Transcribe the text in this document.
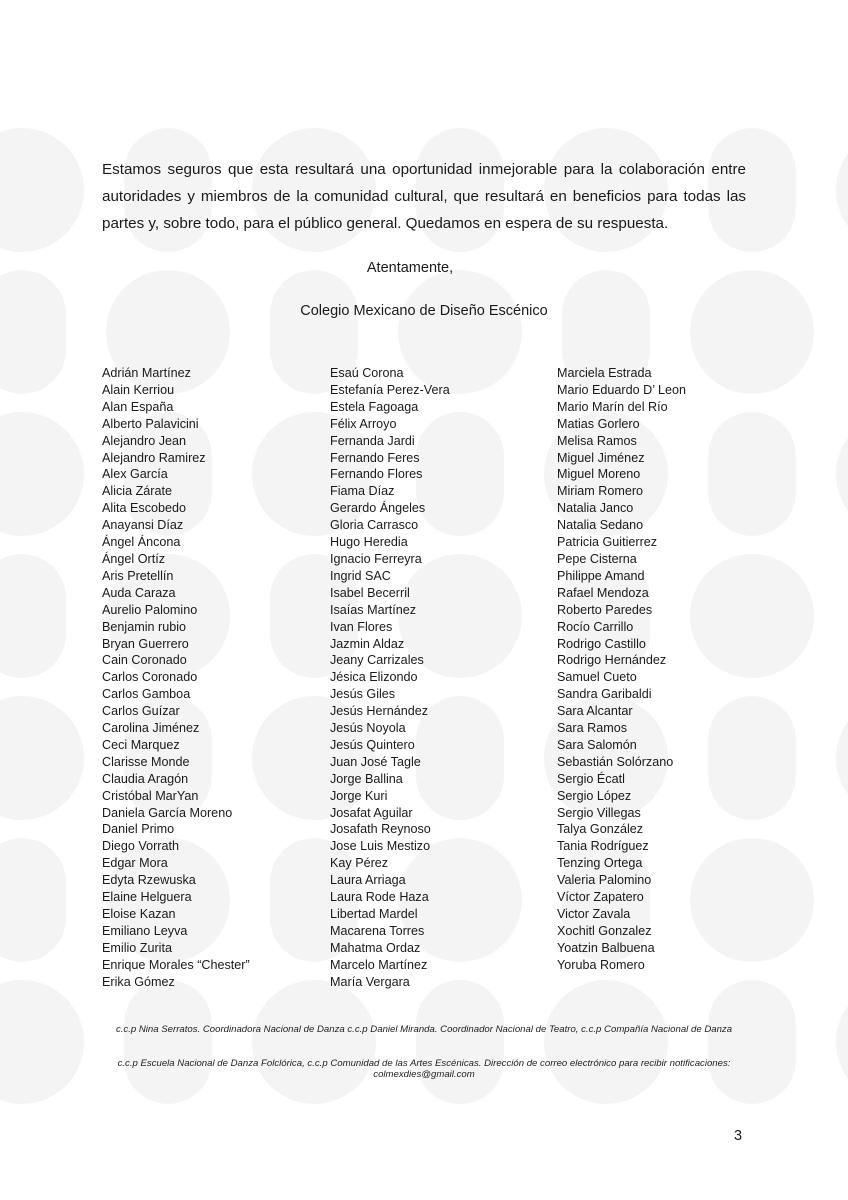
Estamos seguros que esta resultará una oportunidad inmejorable para la colaboración entre autoridades y miembros de la comunidad cultural, que resultará en beneficios para todas las partes y, sobre todo, para el público general. Quedamos en espera de su respuesta.

Atentamente,

Colegio Mexicano de Diseño Escénico

Adrián Martínez
Alain Kerriou
Alan España
Alberto Palavicini
Alejandro Jean
Alejandro Ramirez
Alex García
Alicia Zárate
Alita Escobedo
Anayansi Díaz
Ángel Áncona
Ángel Ortíz
Aris Pretellín
Auda Caraza
Aurelio Palomino
Benjamin rubio
Bryan Guerrero
Cain Coronado
Carlos Coronado
Carlos Gamboa
Carlos Guízar
Carolina Jiménez
Ceci Marquez
Clarisse Monde
Claudia Aragón
Cristóbal MarYan
Daniela García Moreno
Daniel Primo
Diego Vorrath
Edgar Mora
Edyta Rzewuska
Elaine Helguera
Eloise Kazan
Emiliano Leyva
Emilio Zurita
Enrique Morales “Chester”
Erika Gómez
Esaú Corona
Estefanía Perez-Vera
Estela Fagoaga
Félix Arroyo
Fernanda Jardi
Fernando Feres
Fernando Flores
Fiama Díaz
Gerardo Ángeles
Gloria Carrasco
Hugo Heredia
Ignacio Ferreyra
Ingrid SAC
Isabel Becerril
Isaías Martínez
Ivan Flores
Jazmin Aldaz
Jeany Carrizales
Jésica Elizondo
Jesús Giles
Jesús Hernández
Jesús Noyola
Jesús Quintero
Juan José Tagle
Jorge Ballina
Jorge Kuri
Josafat Aguilar
Josafath Reynoso
Jose Luis Mestizo
Kay Pérez
Laura Arriaga
Laura Rode Haza
Libertad Mardel
Macarena Torres
Mahatma Ordaz
Marcelo Martínez
María Vergara
Marciela Estrada
Mario Eduardo D’ Leon
Mario Marín del Río
Matias Gorlero
Melisa Ramos
Miguel Jiménez
Miguel Moreno
Miriam Romero
Natalia Janco
Natalia Sedano
Patricia Guitierrez
Pepe Cisterna
Philippe Amand
Rafael Mendoza
Roberto Paredes
Rocío Carrillo
Rodrigo Castillo
Rodrigo Hernández
Samuel Cueto
Sandra Garibaldi
Sara Alcantar
Sara Ramos
Sara Salomón
Sebastián Solórzano
Sergio Écatl
Sergio López
Sergio Villegas
Talya González
Tania Rodríguez
Tenzing Ortega
Valeria Palomino
Víctor Zapatero
Victor Zavala
Xochitl Gonzalez
Yoatzin Balbuena
Yoruba Romero

c.c.p Nina Serratos. Coordinadora Nacional de Danza c.c.p Daniel Miranda. Coordinador Nacional de Teatro, c.c.p Compañía Nacional de Danza

c.c.p Escuela Nacional de Danza Folclórica, c.c.p Comunidad de las Artes Escénicas. Dirección de correo electrónico para recibir notificaciones: colmexdies@gmail.com

3
